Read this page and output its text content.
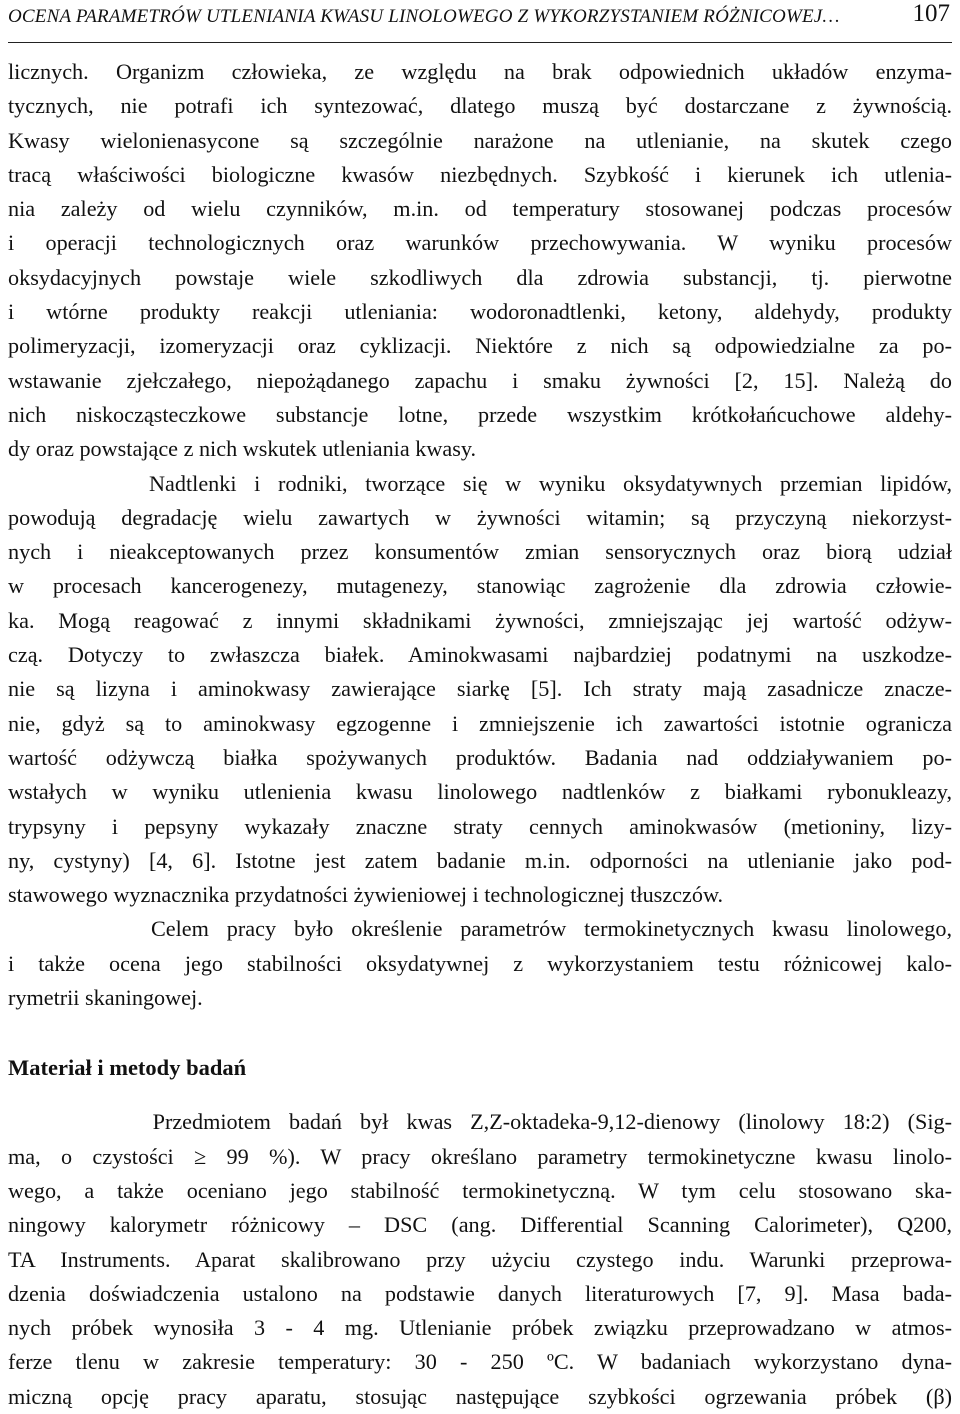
OCENA PARAMETRÓW UTLENIANIA KWASU LINOLOWEGO Z WYKORZYSTANIEM RÓŻNICOWEJ…	107
licznych. Organizm człowieka, ze względu na brak odpowiednich układów enzyma-
tycznych, nie potrafi ich syntezować, dlatego muszą być dostarczane z żywnością.
Kwasy wielonienasycone są szczególnie narażone na utlenianie, na skutek czego
tracą właściwości biologiczne kwasów niezbędnych. Szybkość i kierunek ich utlenia-
nia zależy od wielu czynników, m.in. od temperatury stosowanej podczas procesów
i operacji technologicznych oraz warunków przechowywania. W wyniku procesów
oksydacyjnych powstaje wiele szkodliwych dla zdrowia substancji, tj. pierwotne
i wtórne produkty reakcji utleniania: wodoronadtlenki, ketony, aldehydy, produkty
polimeryzacji, izomeryzacji oraz cyklizacji. Niektóre z nich są odpowiedzialne za po-
wstawanie zjełczałego, niepożądanego zapachu i smaku żywności [2, 15]. Należą do
nich niskocząsteczkowe substancje lotne, przede wszystkim krótkołańcuchowe aldehy-
dy oraz powstające z nich wskutek utleniania kwasy.
Nadtlenki i rodniki, tworzące się w wyniku oksydatywnych przemian lipidów,
powodują degradację wielu zawartych w żywności witamin; są przyczyną niekorzyst-
nych i nieakceptowanych przez konsumentów zmian sensorycznych oraz biorą udział
w procesach kancerogenezy, mutagenezy, stanowiąc zagrożenie dla zdrowia człowie-
ka. Mogą reagować z innymi składnikami żywności, zmniejszając jej wartość odżyw-
czą. Dotyczy to zwłaszcza białek. Aminokwasami najbardziej podatnymi na uszkodze-
nie są lizyna i aminokwasy zawierające siarkę [5]. Ich straty mają zasadnicze znacze-
nie, gdyż są to aminokwasy egzogenne i zmniejszenie ich zawartości istotnie ogranicza
wartość odżywczą białka spożywanych produktów. Badania nad oddziaływaniem po-
wstałych w wyniku utlenienia kwasu linolowego nadtlenków z białkami rybonukleazy,
trypsyny i pepsyny wykazały znaczne straty cennych aminokwasów (metioniny, lizy-
ny, cystyny) [4, 6]. Istotne jest zatem badanie m.in. odporności na utlenianie jako pod-
stawowego wyznacznika przydatności żywieniowej i technologicznej tłuszczów.
Celem pracy było określenie parametrów termokinetycznych kwasu linolowego,
i także ocena jego stabilności oksydatywnej z wykorzystaniem testu różnicowej kalo-
rymetrii skaningowej.
Materiał i metody badań
Przedmiotem badań był kwas Z,Z-oktadeka-9,12-dienowy (linolowy 18:2) (Sig-
ma, o czystości ≥ 99 %). W pracy określano parametry termokinetyczne kwasu linolo-
wego, a także oceniano jego stabilność termokinetyczną. W tym celu stosowano ska-
ningowy kalorymetr różnicowy – DSC (ang. Differential Scanning Calorimeter), Q200,
TA Instruments. Aparat skalibrowano przy użyciu czystego indu. Warunki przeprowa-
dzenia doświadczenia ustalono na podstawie danych literaturowych [7, 9]. Masa bada-
nych próbek wynosiła 3 - 4 mg. Utlenianie próbek związku przeprowadzano w atmos-
ferze tlenu w zakresie temperatury: 30 - 250 ºC. W badaniach wykorzystano dyna-
miczną opcję pracy aparatu, stosując następujące szybkości ogrzewania próbek (β)
